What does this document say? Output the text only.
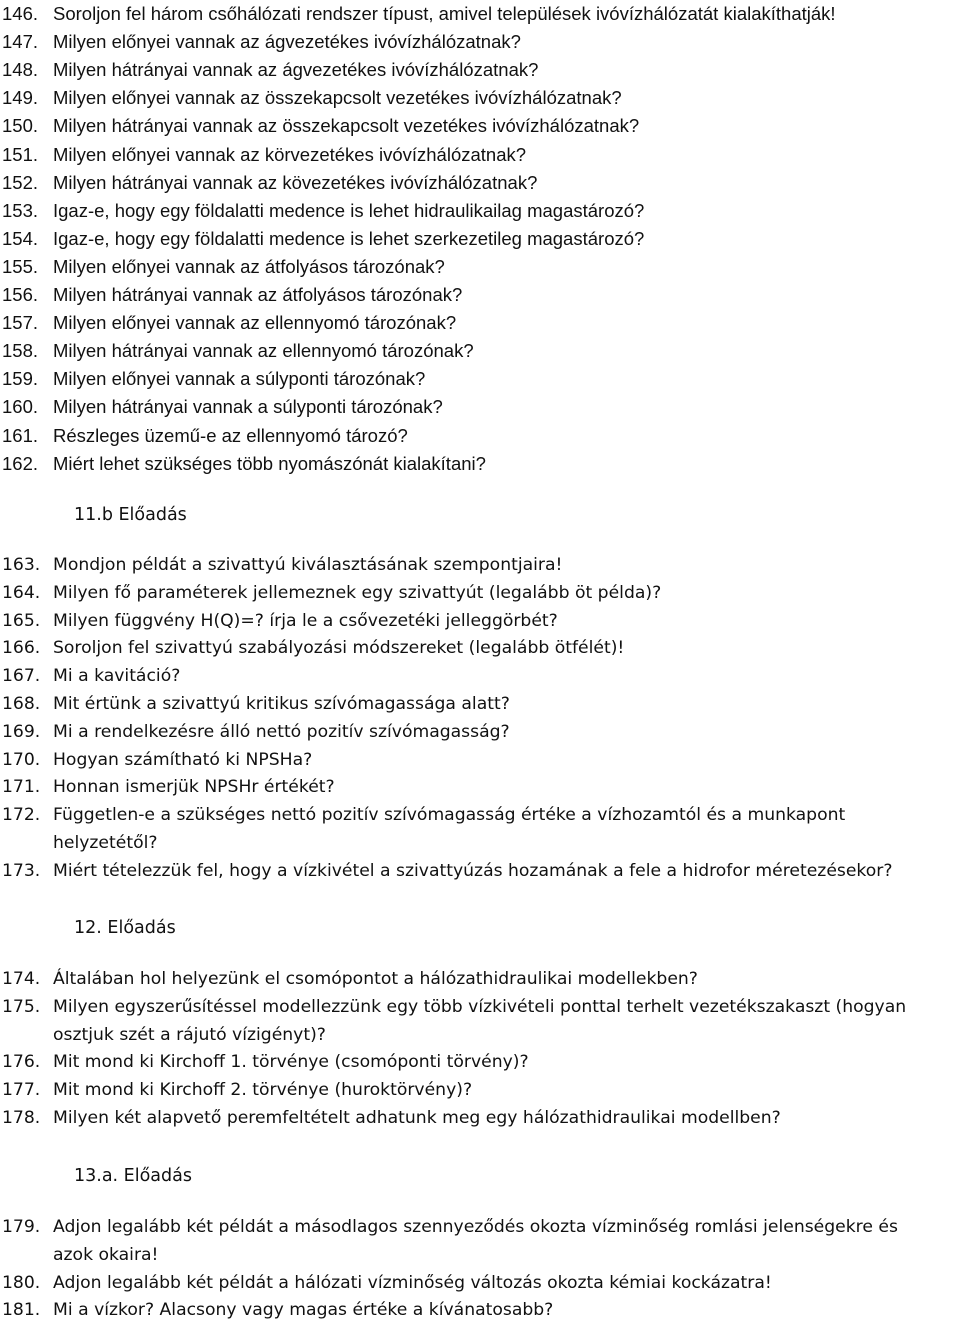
146. Soroljon fel három csőhálózati rendszer típust, amivel települések ivóvízhálózatát kialakíthatják!
147. Milyen előnyei vannak az ágvezetékes ivóvízhálózatnak?
148. Milyen hátrányai vannak az ágvezetékes ivóvízhálózatnak?
149. Milyen előnyei vannak az összekapcsolt vezetékes ivóvízhálózatnak?
150. Milyen hátrányai vannak az összekapcsolt vezetékes ivóvízhálózatnak?
151. Milyen előnyei vannak az körvezetékes ivóvízhálózatnak?
152. Milyen hátrányai vannak az kövezetékes ivóvízhálózatnak?
153. Igaz-e, hogy egy földalatti medence is lehet hidraulikailag magastározó?
154. Igaz-e, hogy egy földalatti medence is lehet szerkezetileg magastározó?
155. Milyen előnyei vannak az átfolyásos tározónak?
156. Milyen hátrányai vannak az átfolyásos tározónak?
157. Milyen előnyei vannak az ellennyomó tározónak?
158. Milyen hátrányai vannak az ellennyomó tározónak?
159. Milyen előnyei vannak a súlyponti tározónak?
160. Milyen hátrányai vannak a súlyponti tározónak?
161. Részleges üzemű-e az ellennyomó tározó?
162. Miért lehet szükséges több nyomászónát kialakítani?
11.b Előadás
163. Mondjon példát a szivattyú kiválasztásának szempontjaira!
164. Milyen fő paraméterek jellemeznek egy szivattyút (legalább öt példa)?
165. Milyen függvény H(Q)=? írja le a csővezetéki jelleggörbét?
166. Soroljon fel szivattyú szabályozási módszereket (legalább ötfélét)!
167. Mi a kavitáció?
168. Mit értünk a szivattyú kritikus szívómagassága alatt?
169. Mi a rendelkezésre álló nettó pozitív szívómagasság?
170. Hogyan számítható ki NPSHa?
171. Honnan ismerjük NPSHr értékét?
172. Független-e a szükséges nettó pozitív szívómagasság értéke a vízhozamtól és a munkapont
helyzetétől?
173. Miért tételezzük fel, hogy a vízkivétel a szivattyúzás hozamának a fele a hidrofor méretezésekor?
12. Előadás
174. Általában hol helyezünk el csomópontot a hálózathidraulikai modellekben?
175. Milyen egyszerűsítéssel modellezzünk egy több vízkivételi ponttal terhelt vezetékszakaszt (hogyan
osztjuk szét a rájutó vízigényt)?
176. Mit mond ki Kirchoff 1. törvénye (csomóponti törvény)?
177. Mit mond ki Kirchoff 2. törvénye (huroktörvény)?
178. Milyen két alapvető peremfeltételt adhatunk meg egy hálózathidraulikai modellben?
13.a. Előadás
179. Adjon legalább két példát a másodlagos szennyeződés okozta vízminőség romlási jelenségekre és
azok okaira!
180. Adjon legalább két példát a hálózati vízminőség változás okozta kémiai kockázatra!
181. Mi a vízkor? Alacsony vagy magas értéke a kívánatosabb?
